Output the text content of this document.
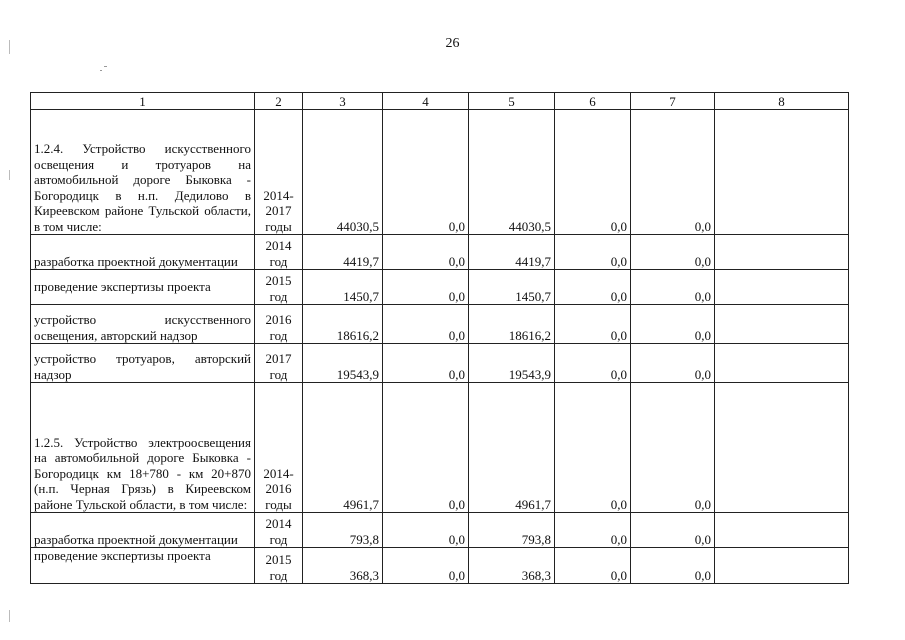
26
1	2	3	4	5	6	7	8
1.2.4. Устройство искусственного освещения и тротуаров на автомобильной дороге Быковка - Богородицк в н.п. Дедилово в Киреевском районе Тульской области, в том числе:	2014-2017 годы	44030,5	0,0	44030,5	0,0	0,0	
разработка проектной документации	2014 год	4419,7	0,0	4419,7	0,0	0,0	
проведение экспертизы проекта	2015 год	1450,7	0,0	1450,7	0,0	0,0	
устройство искусственного освещения, авторский надзор	2016 год	18616,2	0,0	18616,2	0,0	0,0	
устройство тротуаров, авторский надзор	2017 год	19543,9	0,0	19543,9	0,0	0,0	
1.2.5. Устройство электроосвещения на автомобильной дороге Быковка - Богородицк км 18+780 - км 20+870 (н.п. Черная Грязь) в Киреевском районе Тульской области, в том числе:	2014-2016 годы	4961,7	0,0	4961,7	0,0	0,0	
разработка проектной документации	2014 год	793,8	0,0	793,8	0,0	0,0	
проведение экспертизы проекта	2015 год	368,3	0,0	368,3	0,0	0,0	
